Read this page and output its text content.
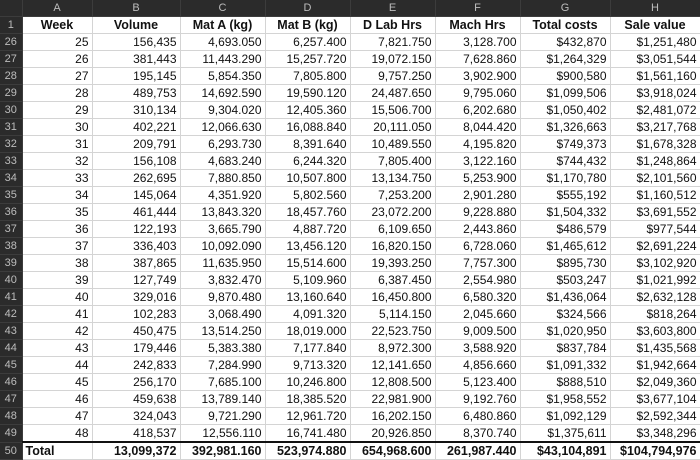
	A	B	C	D	E	F	G	H
1	Week	Volume	Mat A (kg)	Mat B (kg)	D Lab Hrs	Mach Hrs	Total costs	Sale value
26	25	156,435	4,693.050	6,257.400	7,821.750	3,128.700	$432,870	$1,251,480
27	26	381,443	11,443.290	15,257.720	19,072.150	7,628.860	$1,264,329	$3,051,544
28	27	195,145	5,854.350	7,805.800	9,757.250	3,902.900	$900,580	$1,561,160
29	28	489,753	14,692.590	19,590.120	24,487.650	9,795.060	$1,099,506	$3,918,024
30	29	310,134	9,304.020	12,405.360	15,506.700	6,202.680	$1,050,402	$2,481,072
31	30	402,221	12,066.630	16,088.840	20,111.050	8,044.420	$1,326,663	$3,217,768
32	31	209,791	6,293.730	8,391.640	10,489.550	4,195.820	$749,373	$1,678,328
33	32	156,108	4,683.240	6,244.320	7,805.400	3,122.160	$744,432	$1,248,864
34	33	262,695	7,880.850	10,507.800	13,134.750	5,253.900	$1,170,780	$2,101,560
35	34	145,064	4,351.920	5,802.560	7,253.200	2,901.280	$555,192	$1,160,512
36	35	461,444	13,843.320	18,457.760	23,072.200	9,228.880	$1,504,332	$3,691,552
37	36	122,193	3,665.790	4,887.720	6,109.650	2,443.860	$486,579	$977,544
38	37	336,403	10,092.090	13,456.120	16,820.150	6,728.060	$1,465,612	$2,691,224
39	38	387,865	11,635.950	15,514.600	19,393.250	7,757.300	$895,730	$3,102,920
40	39	127,749	3,832.470	5,109.960	6,387.450	2,554.980	$503,247	$1,021,992
41	40	329,016	9,870.480	13,160.640	16,450.800	6,580.320	$1,436,064	$2,632,128
42	41	102,283	3,068.490	4,091.320	5,114.150	2,045.660	$324,566	$818,264
43	42	450,475	13,514.250	18,019.000	22,523.750	9,009.500	$1,020,950	$3,603,800
44	43	179,446	5,383.380	7,177.840	8,972.300	3,588.920	$837,784	$1,435,568
45	44	242,833	7,284.990	9,713.320	12,141.650	4,856.660	$1,091,332	$1,942,664
46	45	256,170	7,685.100	10,246.800	12,808.500	5,123.400	$888,510	$2,049,360
47	46	459,638	13,789.140	18,385.520	22,981.900	9,192.760	$1,958,552	$3,677,104
48	47	324,043	9,721.290	12,961.720	16,202.150	6,480.860	$1,092,129	$2,592,344
49	48	418,537	12,556.110	16,741.480	20,926.850	8,370.740	$1,375,611	$3,348,296
50	Total	13,099,372	392,981.160	523,974.880	654,968.600	261,987.440	$43,104,891	$104,794,976
